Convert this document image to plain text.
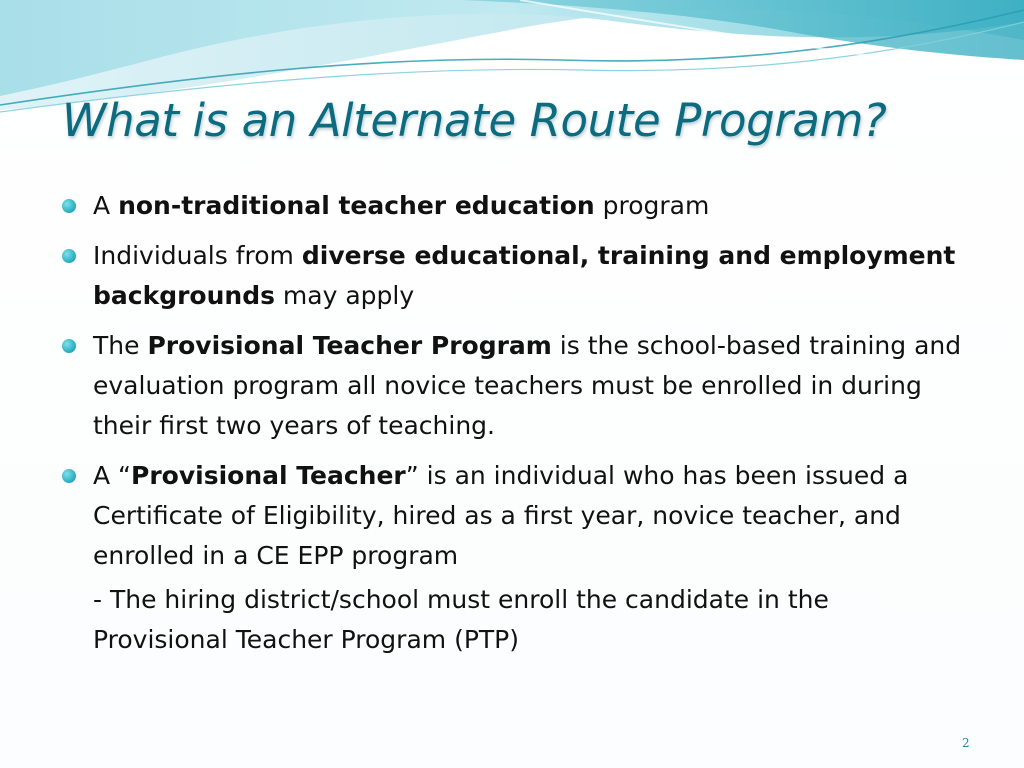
What is an Alternate Route Program?
A non-traditional teacher education program
Individuals from diverse educational, training and employment backgrounds may apply
The Provisional Teacher Program is the school-based training and evaluation program all novice teachers must be enrolled in during their first two years of teaching.
A “Provisional Teacher” is an individual who has been issued a Certificate of Eligibility, hired as a first year, novice teacher, and enrolled in a CE EPP program
- The hiring district/school must enroll the candidate in the Provisional Teacher Program (PTP)
2
